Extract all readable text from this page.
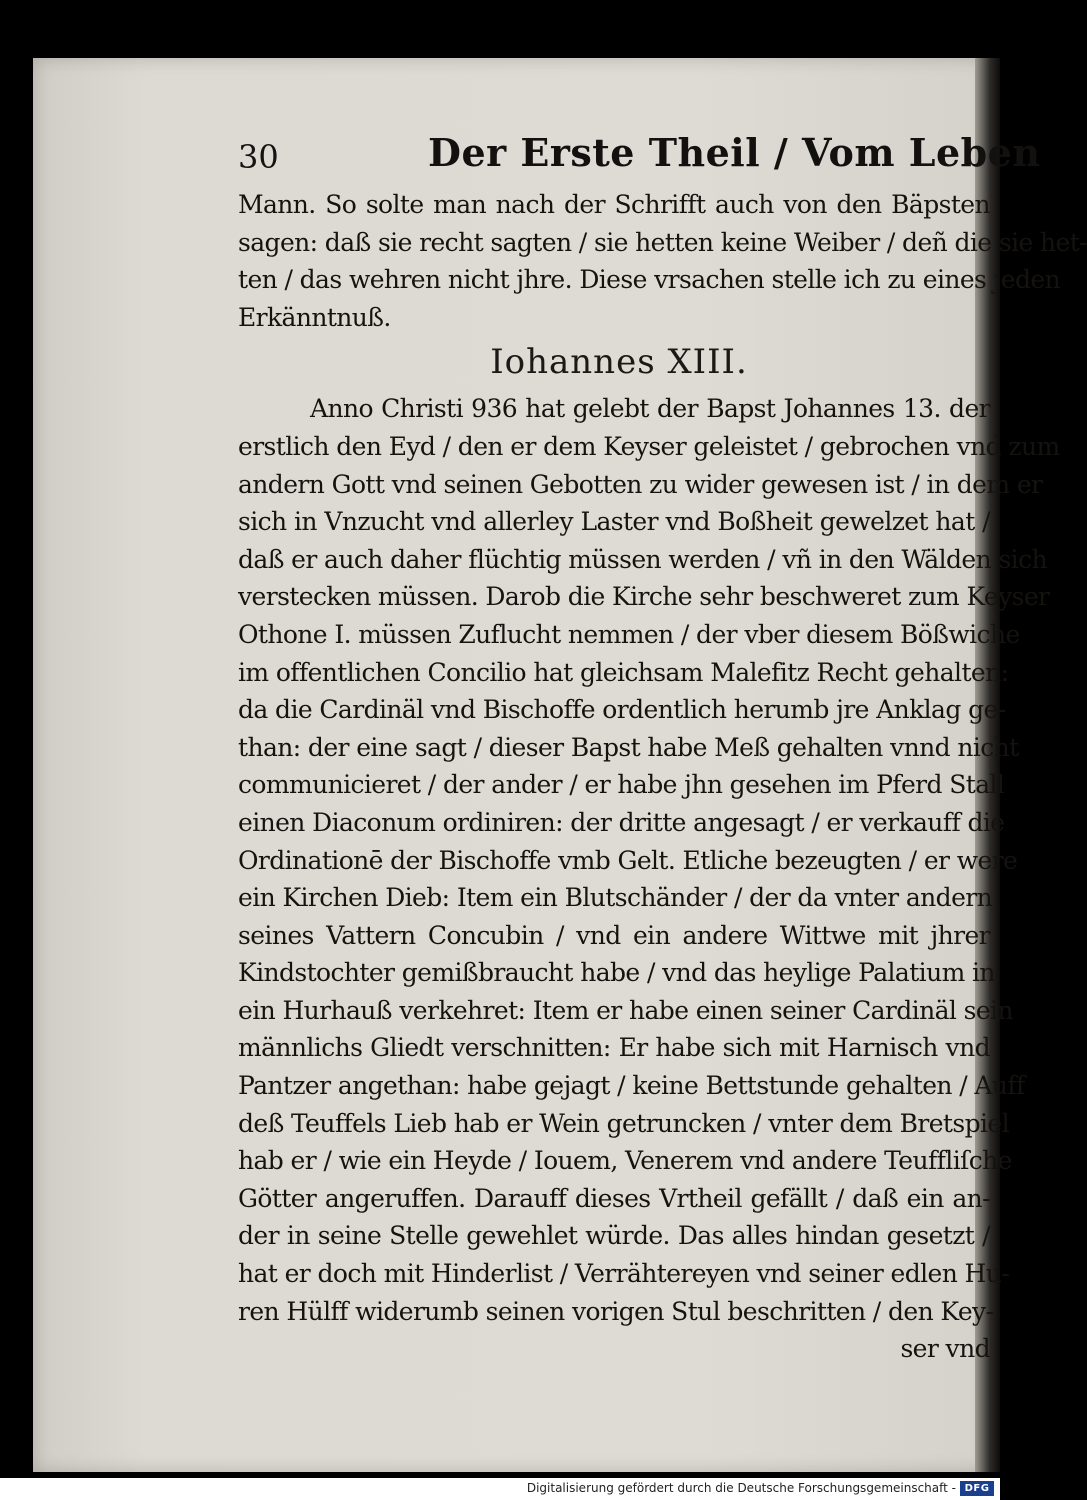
30	Der Erste Theil / Vom Leben
Mann. So solte man nach der Schrifft auch von den Bäpsten
sagen: daß sie recht sagten / sie hetten keine Weiber / deñ die sie het-
ten / das wehren nicht jhre. Diese vrsachen stelle ich zu eines jeden
Erkänntnuß.
Iohannes XIII.
Anno Christi 936 hat gelebt der Bapst Johannes 13. der
erstlich den Eyd / den er dem Keyser geleistet / gebrochen vnd zum
andern Gott vnd seinen Gebotten zu wider gewesen ist / in dem er
sich in Vnzucht vnd allerley Laster vnd Boßheit gewelzet hat /
daß er auch daher flüchtig müssen werden / vñ in den Wälden sich
verstecken müssen. Darob die Kirche sehr beschweret zum Keyser
Othone I. müssen Zuflucht nemmen / der vber diesem Bößwiche
im offentlichen Concilio hat gleichsam Malefitz Recht gehalten:
da die Cardinäl vnd Bischoffe ordentlich herumb jre Anklag ge-
than: der eine sagt / dieser Bapst habe Meß gehalten vnnd nicht
communicieret / der ander / er habe jhn gesehen im Pferd Stall
einen Diaconum ordiniren: der dritte angesagt / er verkauff die
Ordinationē der Bischoffe vmb Gelt. Etliche bezeugten / er were
ein Kirchen Dieb: Item ein Blutschänder / der da vnter andern
seines Vattern Concubin / vnd ein andere Wittwe mit jhrer
Kindstochter gemißbraucht habe / vnd das heylige Palatium in
ein Hurhauß verkehret: Item er habe einen seiner Cardinäl sein
männlichs Gliedt verschnitten: Er habe sich mit Harnisch vnd
Pantzer angethan: habe gejagt / keine Bettstunde gehalten / Auff
deß Teuffels Lieb hab er Wein getruncken / vnter dem Bretspiel
hab er / wie ein Heyde / Iouem, Venerem vnd andere Teuffliſche
Götter angeruffen. Darauff dieses Vrtheil gefällt / daß ein an-
der in seine Stelle gewehlet würde. Das alles hindan gesetzt /
hat er doch mit Hinderlist / Verrähtereyen vnd seiner edlen Hu-
ren Hülff widerumb seinen vorigen Stul beschritten / den Key-
ser vnd
Digitalisierung gefördert durch die Deutsche Forschungsgemeinschaft - DFG
